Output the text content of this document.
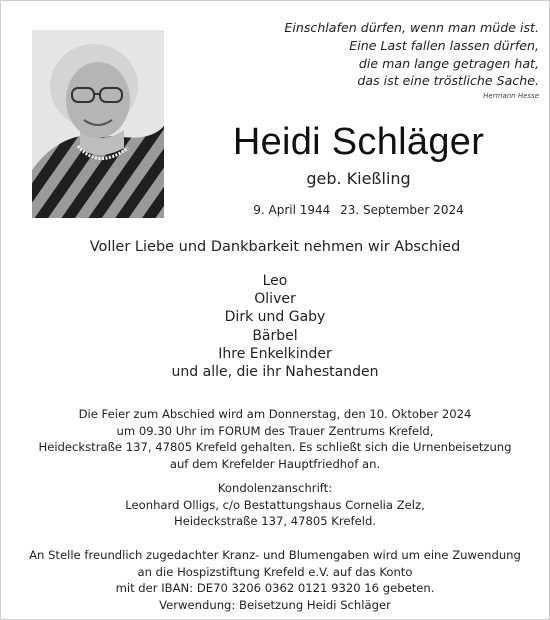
Einschlafen dürfen, wenn man müde ist.
Eine Last fallen lassen dürfen,
die man lange getragen hat,
das ist eine tröstliche Sache.
Hermann Hesse
Heidi Schläger
geb. Kießling
9. April 1944 23. September 2024
Voller Liebe und Dankbarkeit nehmen wir Abschied
Leo
Oliver
Dirk und Gaby
Bärbel
Ihre Enkelkinder
und alle, die ihr Nahestanden
Die Feier zum Abschied wird am Donnerstag, den 10. Oktober 2024
um 09.30 Uhr im FORUM des Trauer Zentrums Krefeld,
Heideckstraße 137, 47805 Krefeld gehalten. Es schließt sich die Urnenbeisetzung
auf dem Krefelder Hauptfriedhof an.
Kondolenzanschrift:
Leonhard Olligs, c/o Bestattungshaus Cornelia Zelz,
Heideckstraße 137, 47805 Krefeld.
An Stelle freundlich zugedachter Kranz- und Blumengaben wird um eine Zuwendung
an die Hospizstiftung Krefeld e.V. auf das Konto
mit der IBAN: DE70 3206 0362 0121 9320 16 gebeten.
Verwendung: Beisetzung Heidi Schläger
